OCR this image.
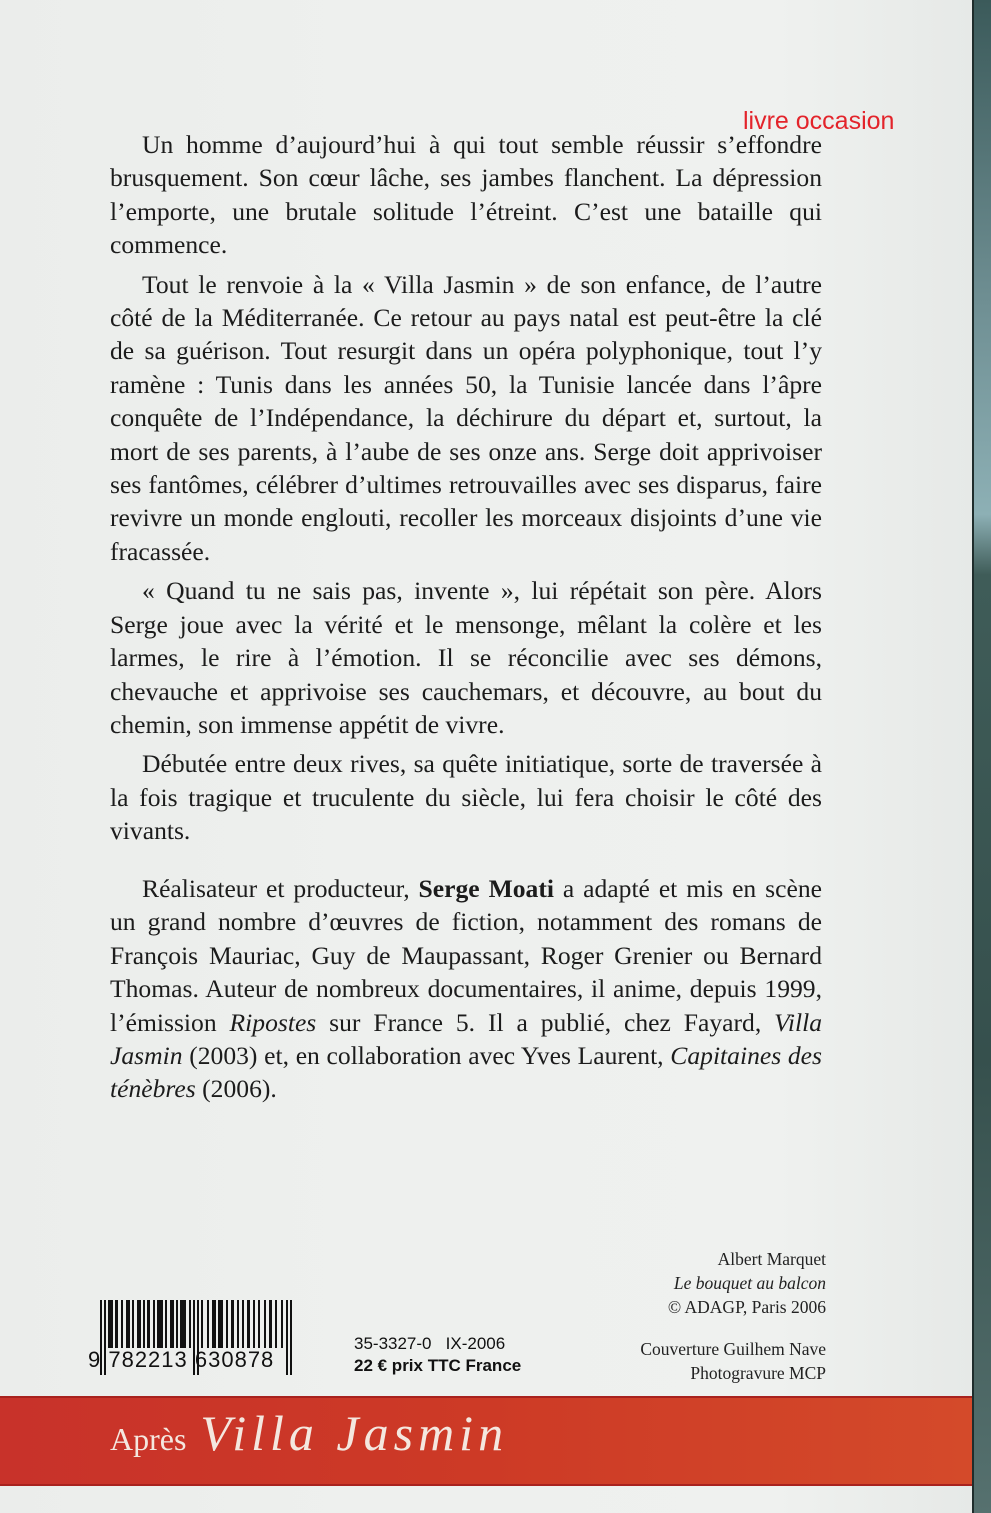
livre occasion

Un homme d’aujourd’hui à qui tout semble réussir s’effondre brusquement. Son cœur lâche, ses jambes flanchent. La dépression l’emporte, une brutale solitude l’étreint. C’est une bataille qui commence.

Tout le renvoie à la « Villa Jasmin » de son enfance, de l’autre côté de la Méditerranée. Ce retour au pays natal est peut-être la clé de sa guérison. Tout resurgit dans un opéra polyphonique, tout l’y ramène : Tunis dans les années 50, la Tunisie lancée dans l’âpre conquête de l’Indépendance, la déchirure du départ et, surtout, la mort de ses parents, à l’aube de ses onze ans. Serge doit apprivoiser ses fantômes, célébrer d’ultimes retrouvailles avec ses disparus, faire revivre un monde englouti, recoller les morceaux disjoints d’une vie fracassée.

« Quand tu ne sais pas, invente », lui répétait son père. Alors Serge joue avec la vérité et le mensonge, mêlant la colère et les larmes, le rire à l’émotion. Il se réconcilie avec ses démons, chevauche et apprivoise ses cauchemars, et découvre, au bout du chemin, son immense appétit de vivre.

Débutée entre deux rives, sa quête initiatique, sorte de traversée à la fois tragique et truculente du siècle, lui fera choisir le côté des vivants.

Réalisateur et producteur, Serge Moati a adapté et mis en scène un grand nombre d’œuvres de fiction, notamment des romans de François Mauriac, Guy de Maupassant, Roger Grenier ou Bernard Thomas. Auteur de nombreux documentaires, il anime, depuis 1999, l’émission Ripostes sur France 5. Il a publié, chez Fayard, Villa Jasmin (2003) et, en collaboration avec Yves Laurent, Capitaines des ténèbres (2006).

Albert Marquet
Le bouquet au balcon
© ADAGP, Paris 2006
Couverture Guilhem Nave
Photogravure MCP
9 782213 630878
35-3327-0   IX-2006
22 € prix TTC France
Après Villa Jasmin
